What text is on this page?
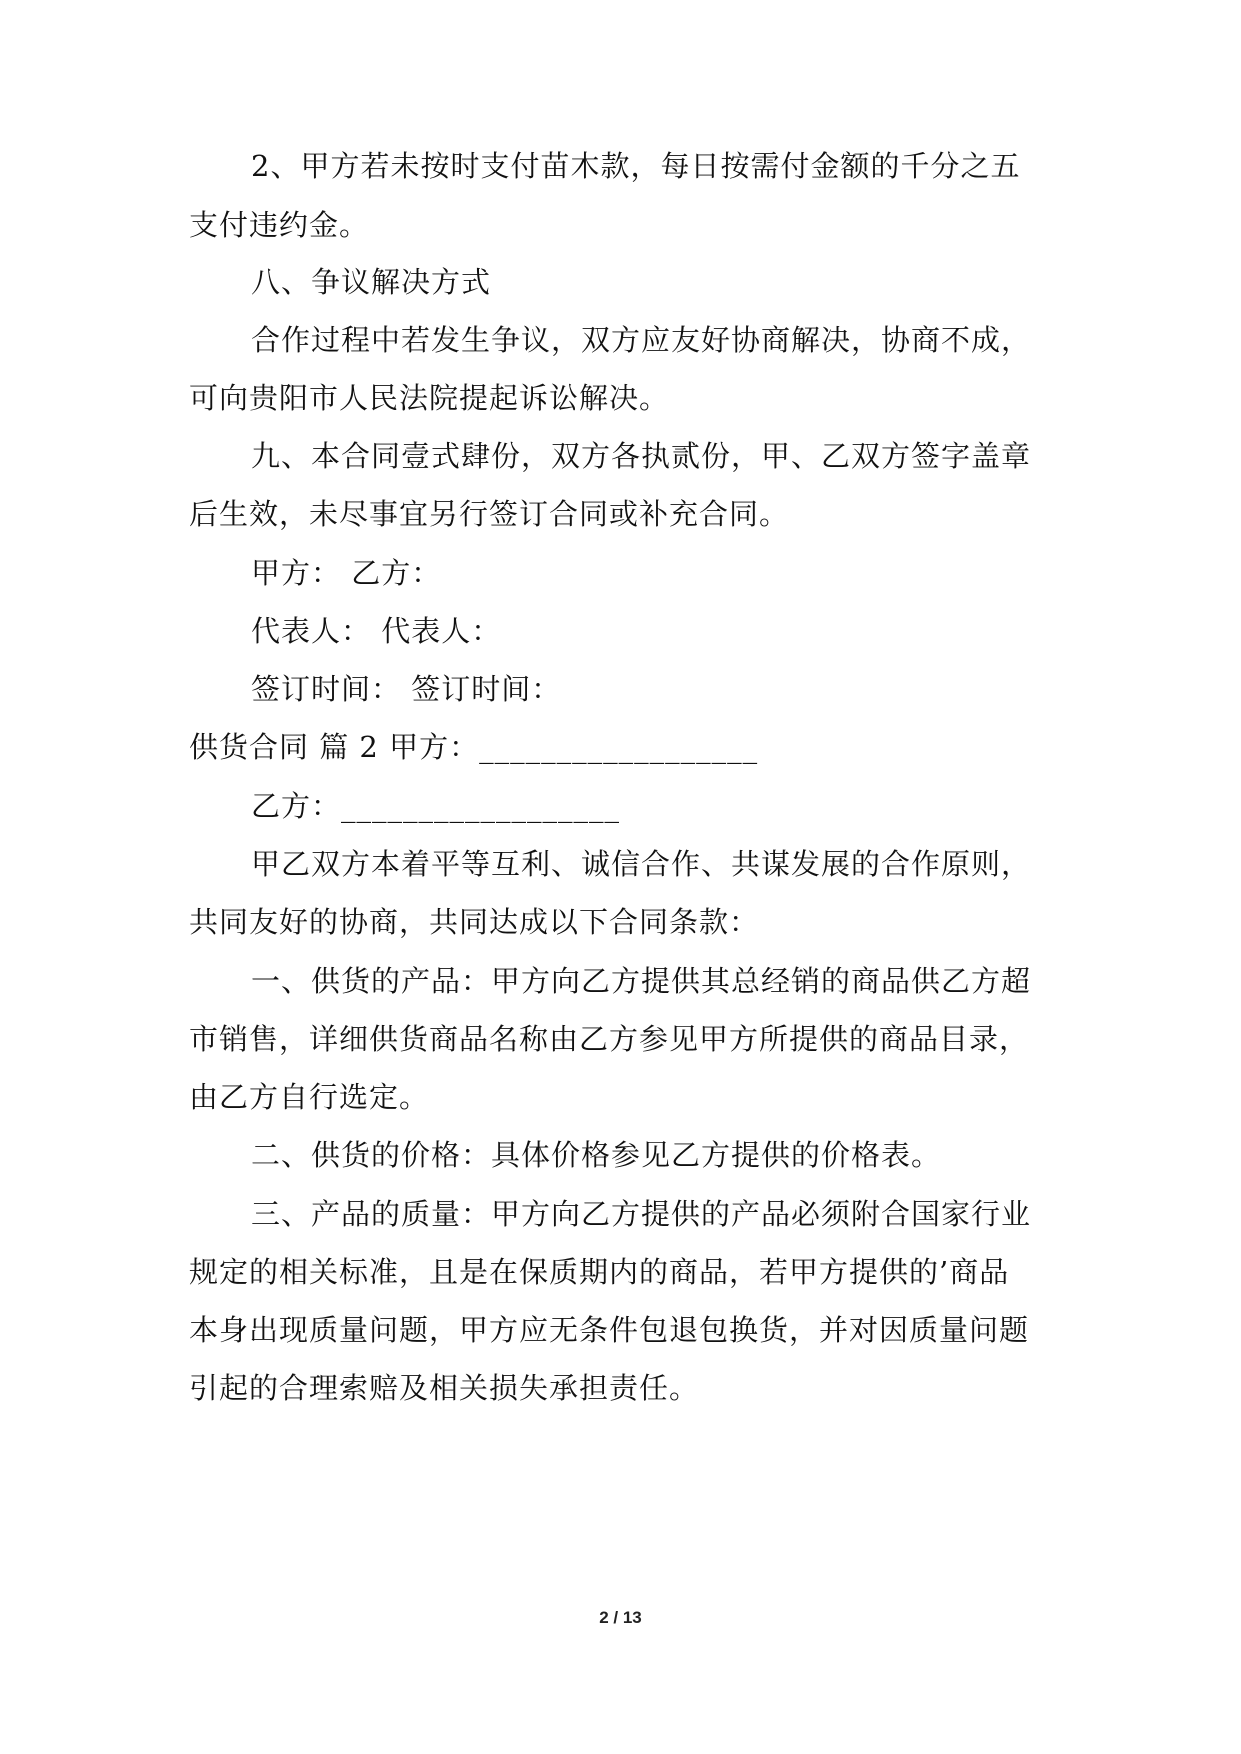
2、甲方若未按时支付苗木款，每日按需付金额的千分之五
支付违约金。
八、争议解决方式
合作过程中若发生争议，双方应友好协商解决，协商不成，
可向贵阳市人民法院提起诉讼解决。
九、本合同壹式肆份，双方各执贰份，甲、乙双方签字盖章
后生效，未尽事宜另行签订合同或补充合同。
甲方： 乙方：
代表人： 代表人：
签订时间： 签订时间：
供货合同 篇 2 甲方：__________________
乙方：__________________
甲乙双方本着平等互利、诚信合作、共谋发展的合作原则，
共同友好的协商，共同达成以下合同条款：
一、供货的产品：甲方向乙方提供其总经销的商品供乙方超
市销售，详细供货商品名称由乙方参见甲方所提供的商品目录，
由乙方自行选定。
二、供货的价格：具体价格参见乙方提供的价格表。
三、产品的质量：甲方向乙方提供的产品必须附合国家行业
规定的相关标准，且是在保质期内的商品，若甲方提供的’商品
本身出现质量问题，甲方应无条件包退包换货，并对因质量问题
引起的合理索赔及相关损失承担责任。
2 / 13
